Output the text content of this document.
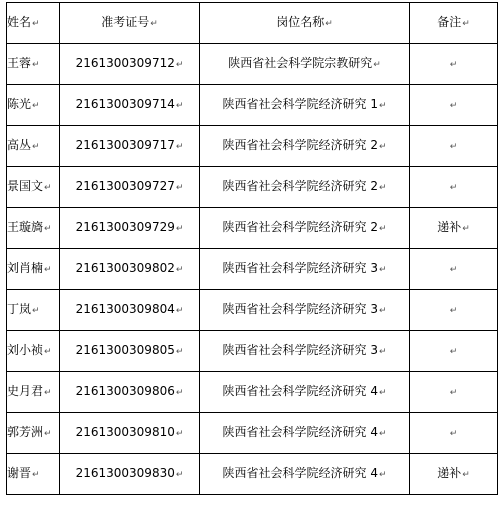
姓名↵	准考证号↵	岗位名称↵	备注↵
王蓉↵	2161300309712↵	陕西省社会科学院宗教研究↵	↵
陈光↵	2161300309714↵	陕西省社会科学院经济研究 1↵	↵
高丛↵	2161300309717↵	陕西省社会科学院经济研究 2↵	↵
景国文↵	2161300309727↵	陕西省社会科学院经济研究 2↵	↵
王璇旖↵	2161300309729↵	陕西省社会科学院经济研究 2↵	递补↵
刘肖楠↵	2161300309802↵	陕西省社会科学院经济研究 3↵	↵
丁岚↵	2161300309804↵	陕西省社会科学院经济研究 3↵	↵
刘小祯↵	2161300309805↵	陕西省社会科学院经济研究 3↵	↵
史月君↵	2161300309806↵	陕西省社会科学院经济研究 4↵	↵
郭芳洲↵	2161300309810↵	陕西省社会科学院经济研究 4↵	↵
谢晋↵	2161300309830↵	陕西省社会科学院经济研究 4↵	递补↵
